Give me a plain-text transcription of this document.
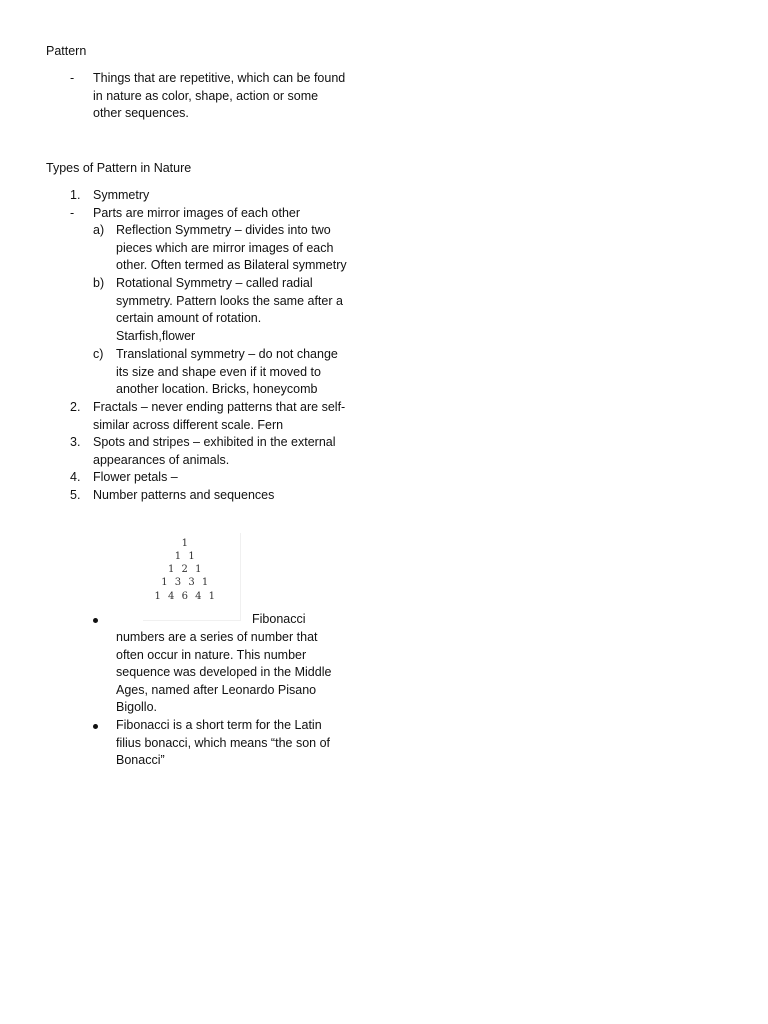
Pattern

- Things that are repetitive, which can be found
in nature as color, shape, action or some
other sequences.

Types of Pattern in Nature

1. Symmetry
- Parts are mirror images of each other
a) Reflection Symmetry – divides into two
pieces which are mirror images of each
other. Often termed as Bilateral symmetry
b) Rotational Symmetry – called radial
symmetry. Pattern looks the same after a
certain amount of rotation.
Starfish,flower
c) Translational symmetry – do not change
its size and shape even if it moved to
another location. Bricks, honeycomb
2. Fractals – never ending patterns that are self-
similar across different scale. Fern
3. Spots and stripes – exhibited in the external
appearances of animals.
4. Flower petals –
5. Number patterns and sequences
1
1 1
1 2 1
1 3 3 1
1 4 6 4 1
Fibonacci
numbers are a series of number that
often occur in nature. This number
sequence was developed in the Middle
Ages, named after Leonardo Pisano
Bigollo.
Fibonacci is a short term for the Latin
filius bonacci, which means “the son of
Bonacci”
